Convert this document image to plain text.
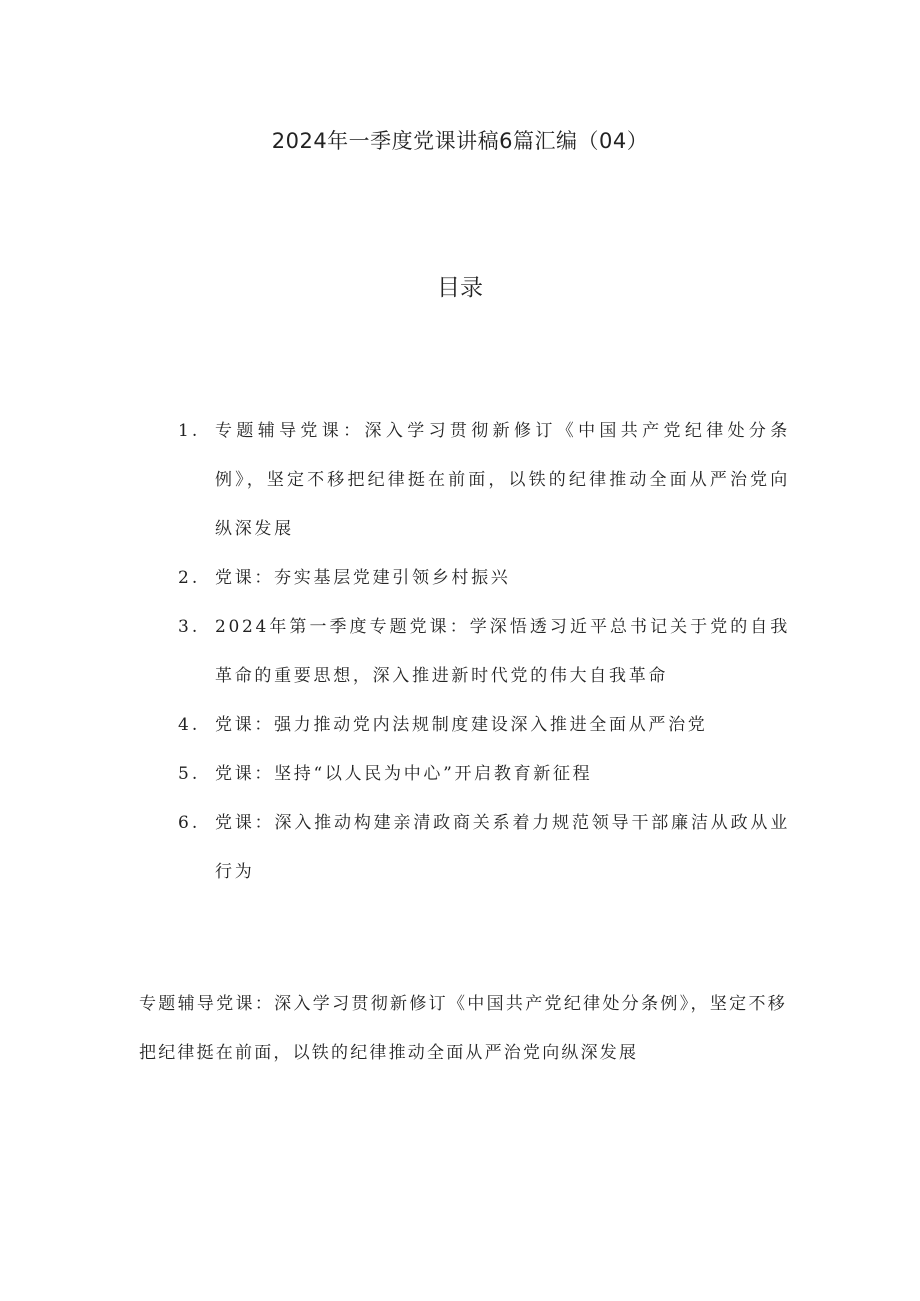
2024年一季度党课讲稿6篇汇编（04）
目录
1. 专题辅导党课：深入学习贯彻新修订《中国共产党纪律处分条例》，坚定不移把纪律挺在前面，以铁的纪律推动全面从严治党向纵深发展
2. 党课：夯实基层党建引领乡村振兴
3. 2024年第一季度专题党课：学深悟透习近平总书记关于党的自我革命的重要思想，深入推进新时代党的伟大自我革命
4. 党课：强力推动党内法规制度建设深入推进全面从严治党
5. 党课：坚持“以人民为中心”开启教育新征程
6. 党课：深入推动构建亲清政商关系着力规范领导干部廉洁从政从业行为
专题辅导党课：深入学习贯彻新修订《中国共产党纪律处分条例》，坚定不移把纪律挺在前面，以铁的纪律推动全面从严治党向纵深发展
